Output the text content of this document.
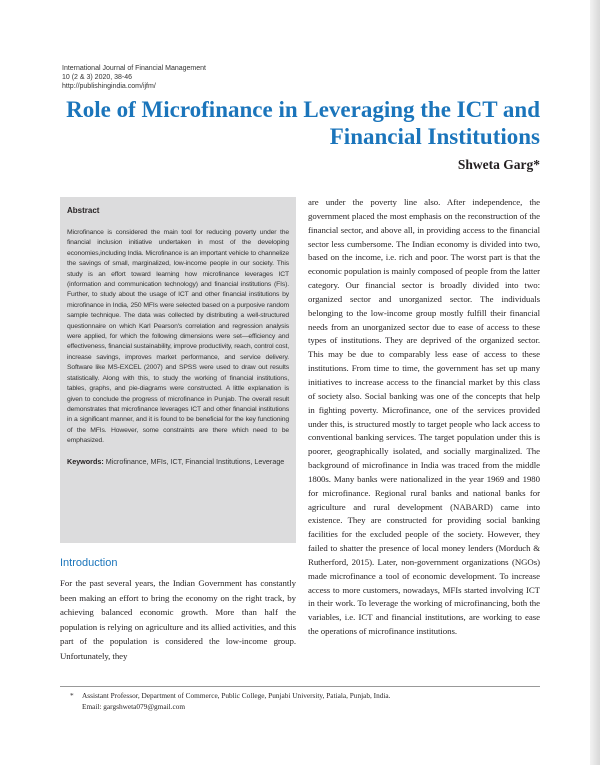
International Journal of Financial Management
10 (2 & 3) 2020, 38-46
http://publishingindia.com/ijfm/
Role of Microfinance in Leveraging the ICT and
Financial Institutions
Shweta Garg*
Abstract
Microfinance is considered the main tool for reducing poverty under the financial inclusion initiative undertaken in most of the developing economies,including India. Microfinance is an important vehicle to channelize the savings of small, marginalized, low-income people in our society. This study is an effort toward learning how microfinance leverages ICT (information and communication technology) and financial institutions (FIs). Further, to study about the usage of ICT and other financial institutions by microfinance in India, 250 MFIs were selected based on a purposive random sample technique. The data was collected by distributing a well-structured questionnaire on which Karl Pearson's correlation and regression analysis were applied, for which the following dimensions were set—efficiency and effectiveness, financial sustainability, improve productivity, reach, control cost, increase savings, improves market performance, and service delivery. Software like MS-EXCEL (2007) and SPSS were used to draw out results statistically. Along with this, to study the working of financial institutions, tables, graphs, and pie-diagrams were constructed. A little explanation is given to conclude the progress of microfinance in Punjab. The overall result demonstrates that microfinance leverages ICT and other financial institutions in a significant manner, and it is found to be beneficial for the key functioning of the MFIs. However, some constraints are there which need to be emphasized.
Keywords: Microfinance, MFIs, ICT, Financial Institutions, Leverage
Introduction
For the past several years, the Indian Government has constantly been making an effort to bring the economy on the right track, by achieving balanced economic growth. More than half the population is relying on agriculture and its allied activities, and this part of the population is considered the low-income group. Unfortunately, they
are under the poverty line also. After independence, the government placed the most emphasis on the reconstruction of the financial sector, and above all, in providing access to the financial sector less cumbersome. The Indian economy is divided into two, based on the income, i.e. rich and poor. The worst part is that the economic population is mainly composed of people from the latter category. Our financial sector is broadly divided into two: organized sector and unorganized sector. The individuals belonging to the low-income group mostly fulfill their financial needs from an unorganized sector due to ease of access to these types of institutions. They are deprived of the organized sector. This may be due to comparably less ease of access to these institutions. From time to time, the government has set up many initiatives to increase access to the financial market by this class of society also. Social banking was one of the concepts that help in fighting poverty. Microfinance, one of the services provided under this, is structured mostly to target people who lack access to conventional banking services. The target population under this is poorer, geographically isolated, and socially marginalized. The background of microfinance in India was traced from the middle 1800s. Many banks were nationalized in the year 1969 and 1980 for microfinance. Regional rural banks and national banks for agriculture and rural development (NABARD) came into existence. They are constructed for providing social banking facilities for the excluded people of the society. However, they failed to shatter the presence of local money lenders (Morduch & Rutherford, 2015). Later, non-government organizations (NGOs) made microfinance a tool of economic development. To increase access to more customers, nowadays, MFIs started involving ICT in their work. To leverage the working of microfinancing, both the variables, i.e. ICT and financial institutions, are working to ease the operations of microfinance institutions.
* Assistant Professor, Department of Commerce, Public College, Punjabi University, Patiala, Punjab, India.
Email: gargshweta079@gmail.com
